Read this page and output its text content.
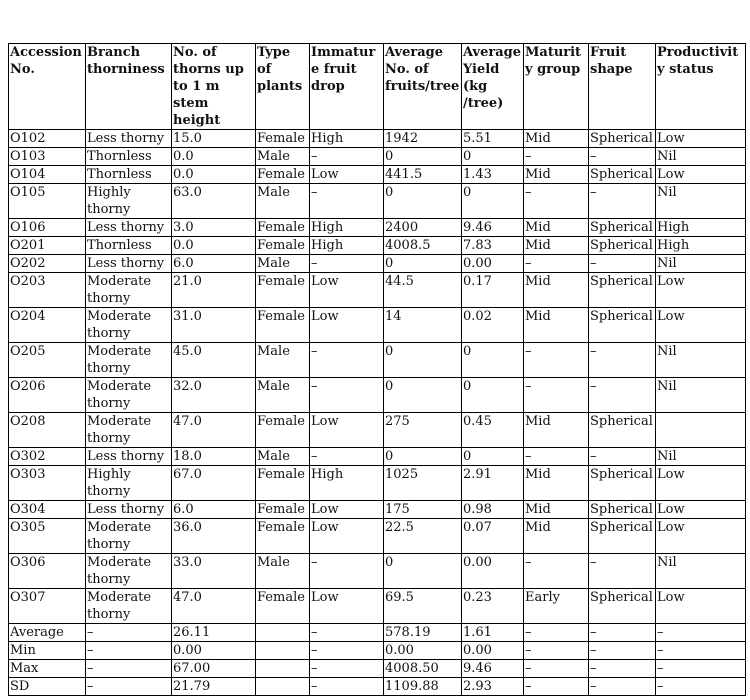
Accession No.	Branch thorniness	No. of thorns up to 1 m stem height	Type of plants	Immature fruit drop	Average No. of fruits/tree	Average Yield (kg /tree)	Maturity group	Fruit shape	Productivity status
O102	Less thorny	15.0	Female	High	1942	5.51	Mid	Spherical	Low
O103	Thornless	0.0	Male	–	0	0	–	–	Nil
O104	Thornless	0.0	Female	Low	441.5	1.43	Mid	Spherical	Low
O105	Highly thorny	63.0	Male	–	0	0	–	–	Nil
O106	Less thorny	3.0	Female	High	2400	9.46	Mid	Spherical	High
O201	Thornless	0.0	Female	High	4008.5	7.83	Mid	Spherical	High
O202	Less thorny	6.0	Male	–	0	0.00	–	–	Nil
O203	Moderate thorny	21.0	Female	Low	44.5	0.17	Mid	Spherical	Low
O204	Moderate thorny	31.0	Female	Low	14	0.02	Mid	Spherical	Low
O205	Moderate thorny	45.0	Male	–	0	0	–	–	Nil
O206	Moderate thorny	32.0	Male	–	0	0	–	–	Nil
O208	Moderate thorny	47.0	Female	Low	275	0.45	Mid	Spherical	
O302	Less thorny	18.0	Male	–	0	0	–	–	Nil
O303	Highly thorny	67.0	Female	High	1025	2.91	Mid	Spherical	Low
O304	Less thorny	6.0	Female	Low	175	0.98	Mid	Spherical	Low
O305	Moderate thorny	36.0	Female	Low	22.5	0.07	Mid	Spherical	Low
O306	Moderate thorny	33.0	Male	–	0	0.00	–	–	Nil
O307	Moderate thorny	47.0	Female	Low	69.5	0.23	Early	Spherical	Low
Average	–	26.11		–	578.19	1.61	–	–	–
Min	–	0.00		–	0.00	0.00	–	–	–
Max	–	67.00		–	4008.50	9.46	–	–	–
SD	–	21.79		–	1109.88	2.93	–	–	–
